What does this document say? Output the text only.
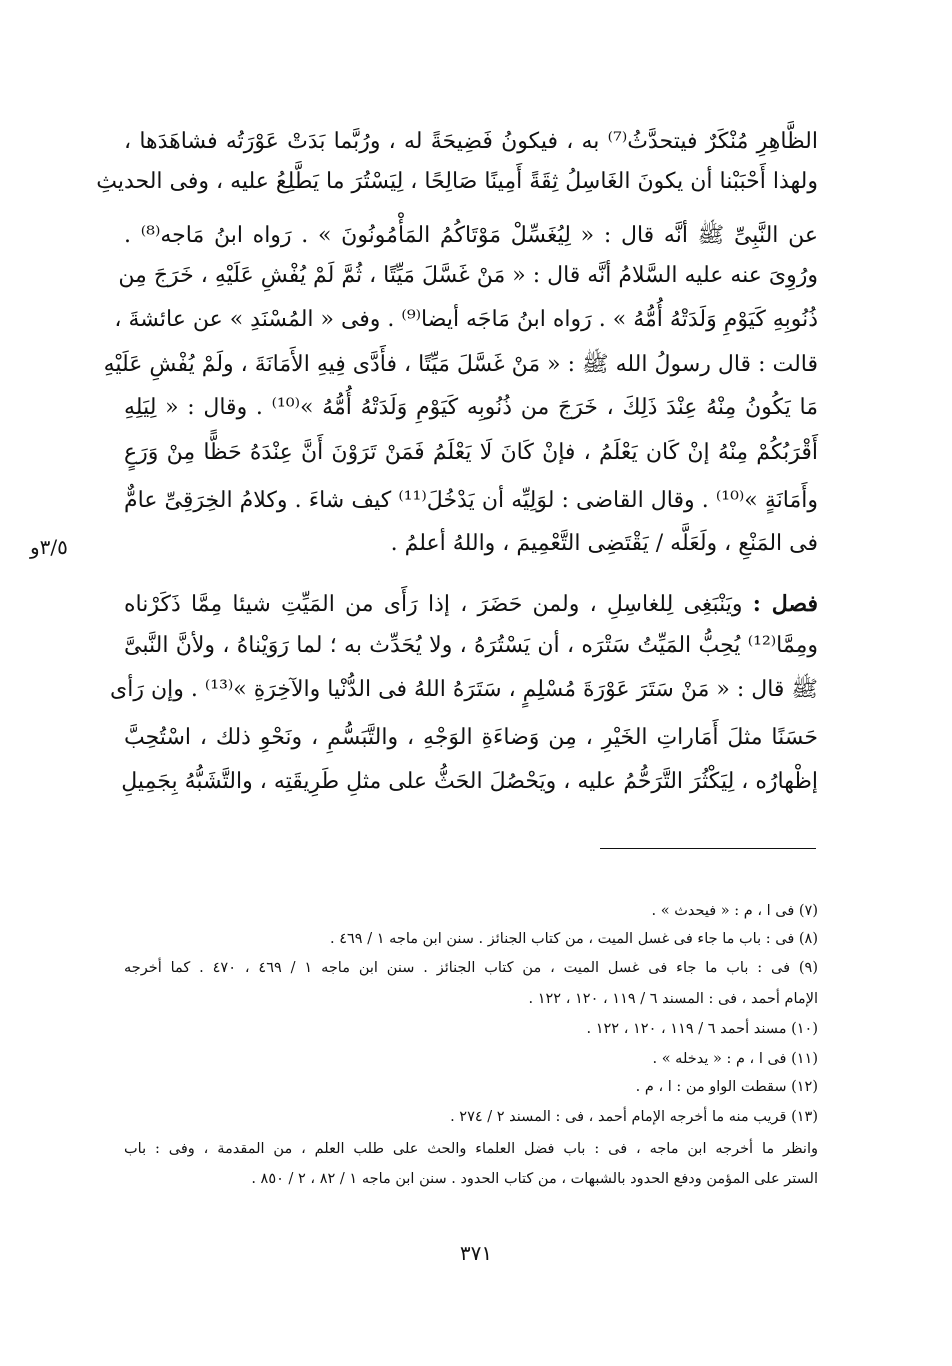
الظَّاهِرِ مُنْكَرٌ فيتحدَّثُ⁽⁷⁾ به ، فيكونُ فَضِيحَةً له ، ورُبَّما بَدَتْ عَوْرَتُه فشاهَدَها ،
ولهذا أَحْبَبْنا أن يكونَ الغَاسِلُ ثِقَةً أَمِينًا صَالِحًا ، لِيَسْتُرَ ما يَطَّلِعُ عليه ، وفى الحديثِ
عن النَّبِىِّ ﷺ أنَّه قال : « لِيُغَسِّلْ مَوْتَاكُمُ المَأْمُونُونَ » . رَواه ابنُ مَاجه⁽⁸⁾ .
ورُوِىَ عنه عليه السَّلامُ أنَّه قال : « مَنْ غَسَّلَ مَيِّتًا ، ثُمَّ لَمْ يُفْشِ عَلَيْهِ ، خَرَجَ مِن
ذُنُوبِهِ كَيَوْمِ وَلَدَتْهُ أُمُّهُ » . رَواه ابنُ مَاجَه أيضا⁽⁹⁾ . وفى « المُسْنَدِ » عن عائشةَ ،
قالت : قال رسولُ الله ﷺ : « مَنْ غَسَّلَ مَيِّتًا ، فأَدَّى فِيهِ الأَمَانَةَ ، ولَمْ يُفْشِ عَلَيْهِ
مَا يَكُونُ مِنْهُ عِنْدَ ذَلِكَ ، خَرَجَ من ذُنُوبِه كَيَوْمِ وَلَدَتْهُ أُمُّهُ »⁽¹⁰⁾ . وقال : « لِيَلِهِ
أَقْرَبُكُمْ مِنْهُ إنْ كَان يَعْلَمُ ، فإنْ كَانَ لَا يَعْلَمُ فَمَنْ تَرَوْنَ أَنَّ عِنْدَهُ حَظًّا مِنْ وَرَعٍ
وأَمَانَةٍ »⁽¹⁰⁾ . وقال القاضى : لوَلِيِّه أن يَدْخُلَ⁽¹¹⁾ كيف شاءَ . وكلامُ الخِرَقِىِّ عامٌّ
فى المَنْعِ ، ولَعَلَّه / يَقْتَضِى التَّعْمِيمَ ، واللهُ أعلمُ .
فصل : ويَنْبَغِى لِلغاسِلِ ، ولمن حَضَرَ ، إذا رَأَى من المَيِّتِ شيئا مِمَّا ذَكَرْناه
ومِمَّا⁽¹²⁾ يُحِبُّ المَيِّتُ سَتْرَه ، أن يَسْتُرَهُ ، ولا يُحَدِّث به ؛ لما رَوَيْناهُ ، ولأنَّ النَّبىَّ
ﷺ قال : « مَنْ سَتَرَ عَوْرَةَ مُسْلِمٍ ، سَتَرَهُ اللهُ فى الدُّنْيا والآخِرَةِ »⁽¹³⁾ . وإن رَأى
حَسَنًا مثلَ أَمَاراتِ الخَيْرِ ، مِن وَضاءَةِ الوَجْهِ ، والتَّبَسُّمِ ، ونَحْوِ ذلك ، اسْتُحِبَّ
إظْهارُه ، لِيَكْثُرَ التَّرَحُّمُ عليه ، ويَحْصُلَ الحَثُّ على مثلِ طَرِيقَتِه ، والتَّشَبُّهُ بِجَمِيلِ
٣/٥و
(٧) فى ا ، م : « فيحدث » .
(٨) فى : باب ما جاء فى غسل الميت ، من كتاب الجنائز . سنن ابن ماجه ١ / ٤٦٩ .
(٩) فى : باب ما جاء فى غسل الميت ، من كتاب الجنائز . سنن ابن ماجه ١ / ٤٦٩ ، ٤٧٠ . كما أخرجه
الإمام أحمد ، فى : المسند ٦ / ١١٩ ، ١٢٠ ، ١٢٢ .
(١٠) مسند أحمد ٦ / ١١٩ ، ١٢٠ ، ١٢٢ .
(١١) فى ا ، م : « يدخله » .
(١٢) سقطت الواو من : ا ، م .
(١٣) قريب منه ما أخرجه الإمام أحمد ، فى : المسند ٢ / ٢٧٤ .
وانظر ما أخرجه ابن ماجه ، فى : باب فضل العلماء والحث على طلب العلم ، من المقدمة ، وفى : باب
الستر على المؤمن ودفع الحدود بالشبهات ، من كتاب الحدود . سنن ابن ماجه ١ / ٨٢ ، ٢ / ٨٥٠ .
٣٧١
